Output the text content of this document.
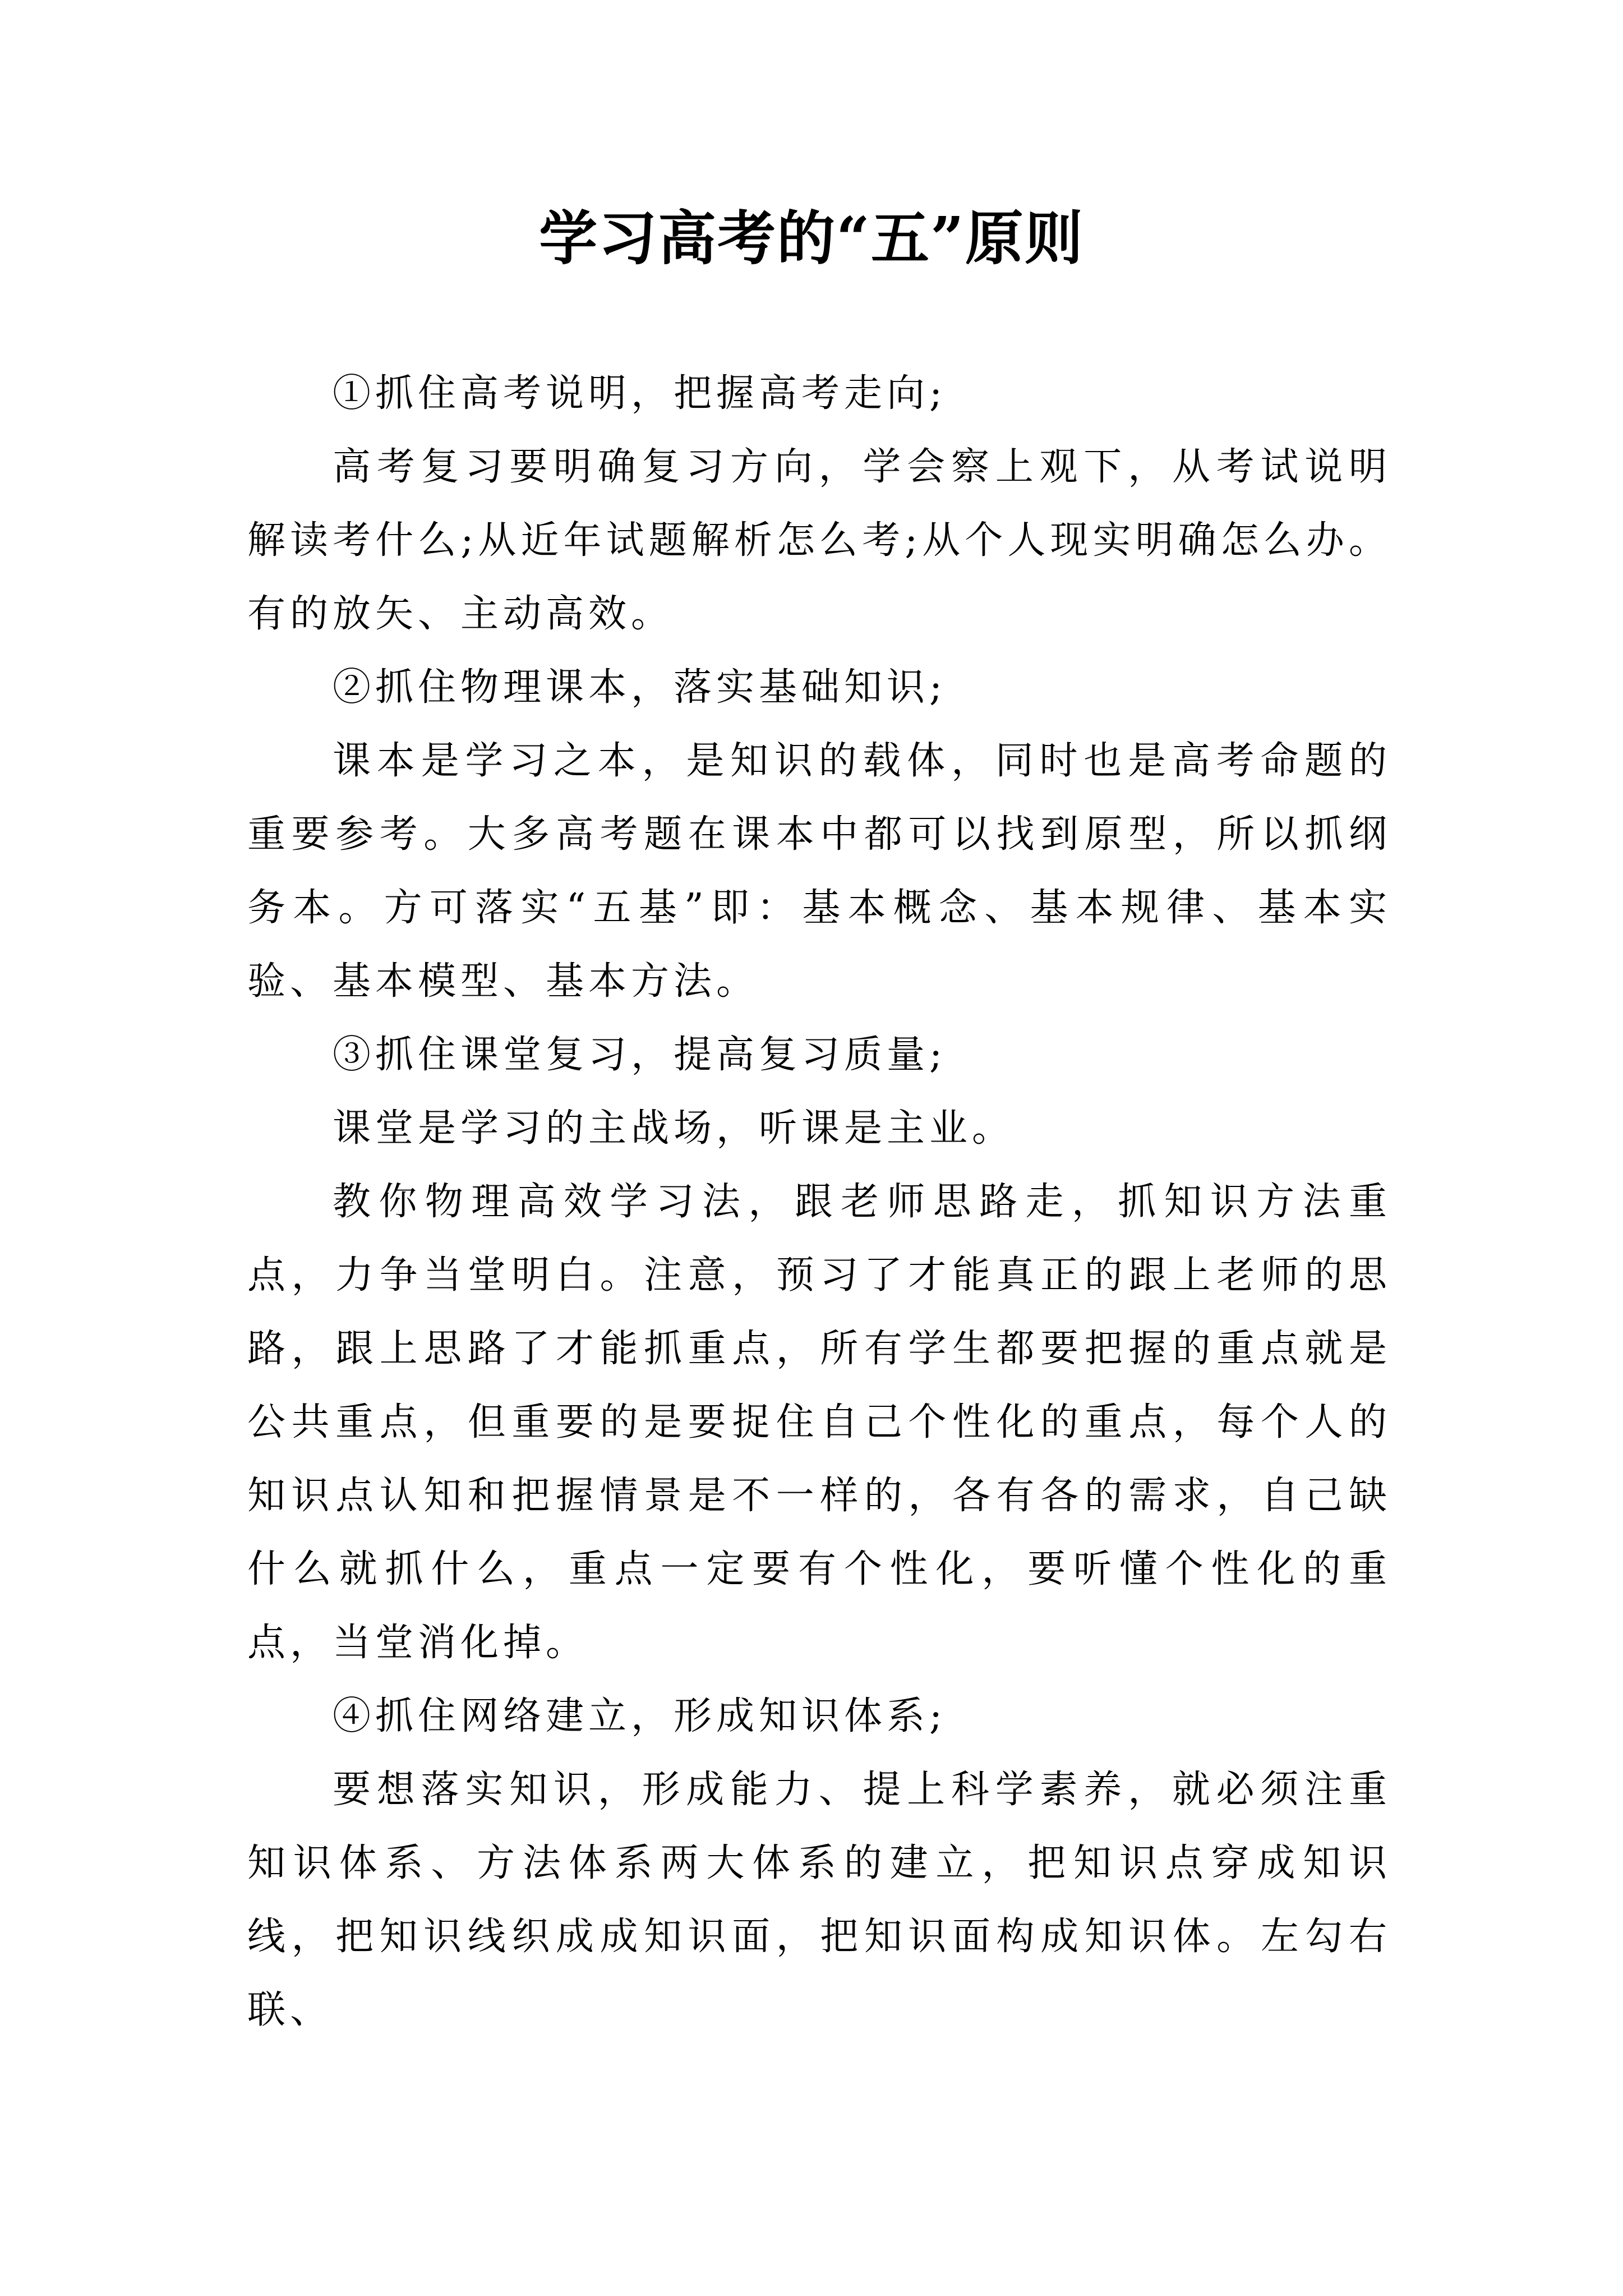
学习高考的“五”原则

①抓住高考说明，把握高考走向;

高考复习要明确复习方向，学会察上观下，从考试说明解读考什么;从近年试题解析怎么考;从个人现实明确怎么办。有的放矢、主动高效。

②抓住物理课本，落实基础知识;

课本是学习之本，是知识的载体，同时也是高考命题的重要参考。大多高考题在课本中都可以找到原型，所以抓纲务本。方可落实“五基”即：基本概念、基本规律、基本实验、基本模型、基本方法。

③抓住课堂复习，提高复习质量;

课堂是学习的主战场，听课是主业。

教你物理高效学习法，跟老师思路走，抓知识方法重点，力争当堂明白。注意，预习了才能真正的跟上老师的思路，跟上思路了才能抓重点，所有学生都要把握的重点就是公共重点，但重要的是要捉住自己个性化的重点，每个人的知识点认知和把握情景是不一样的，各有各的需求，自己缺什么就抓什么，重点一定要有个性化，要听懂个性化的重点，当堂消化掉。

④抓住网络建立，形成知识体系;

要想落实知识，形成能力、提上科学素养，就必须注重知识体系、方法体系两大体系的建立，把知识点穿成知识线，把知识线织成成知识面，把知识面构成知识体。左勾右联、
